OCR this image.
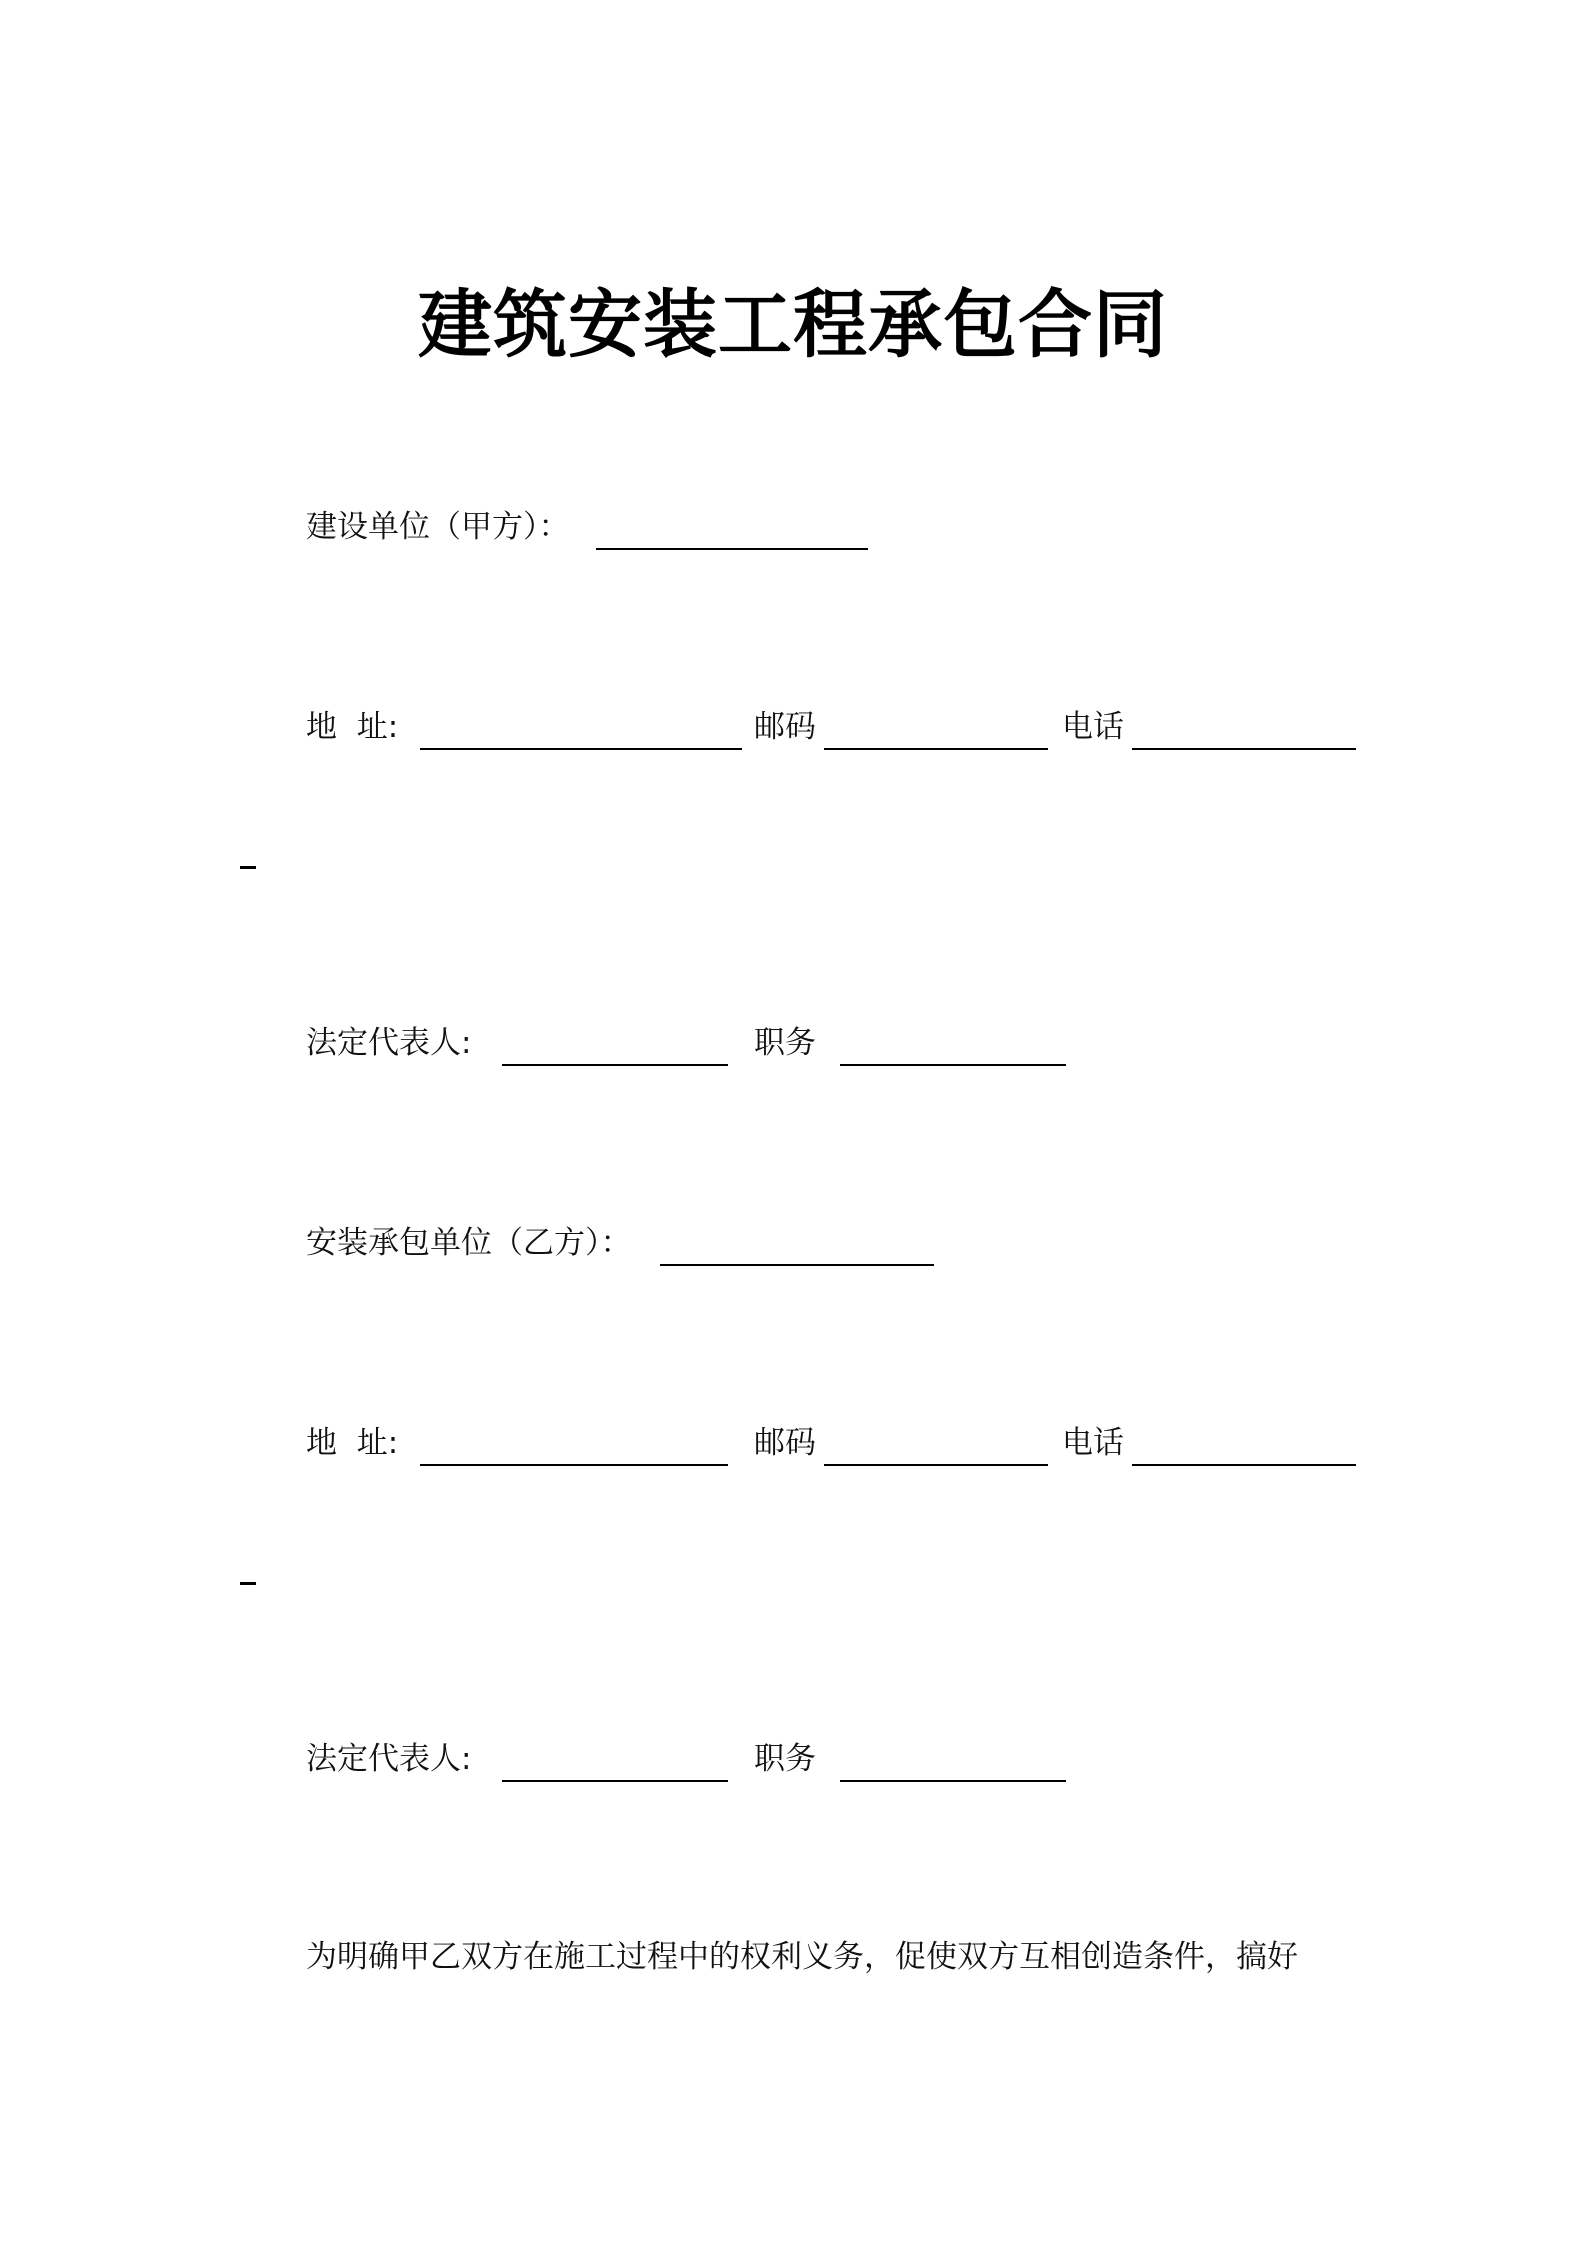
建筑安装工程承包合同
建设单位（甲方）：
地  址:	邮码	电话
法定代表人:	职务
安装承包单位（乙方）：
地  址:	邮码	电话
法定代表人:	职务
为明确甲乙双方在施工过程中的权利义务，促使双方互相创造条件，搞好
